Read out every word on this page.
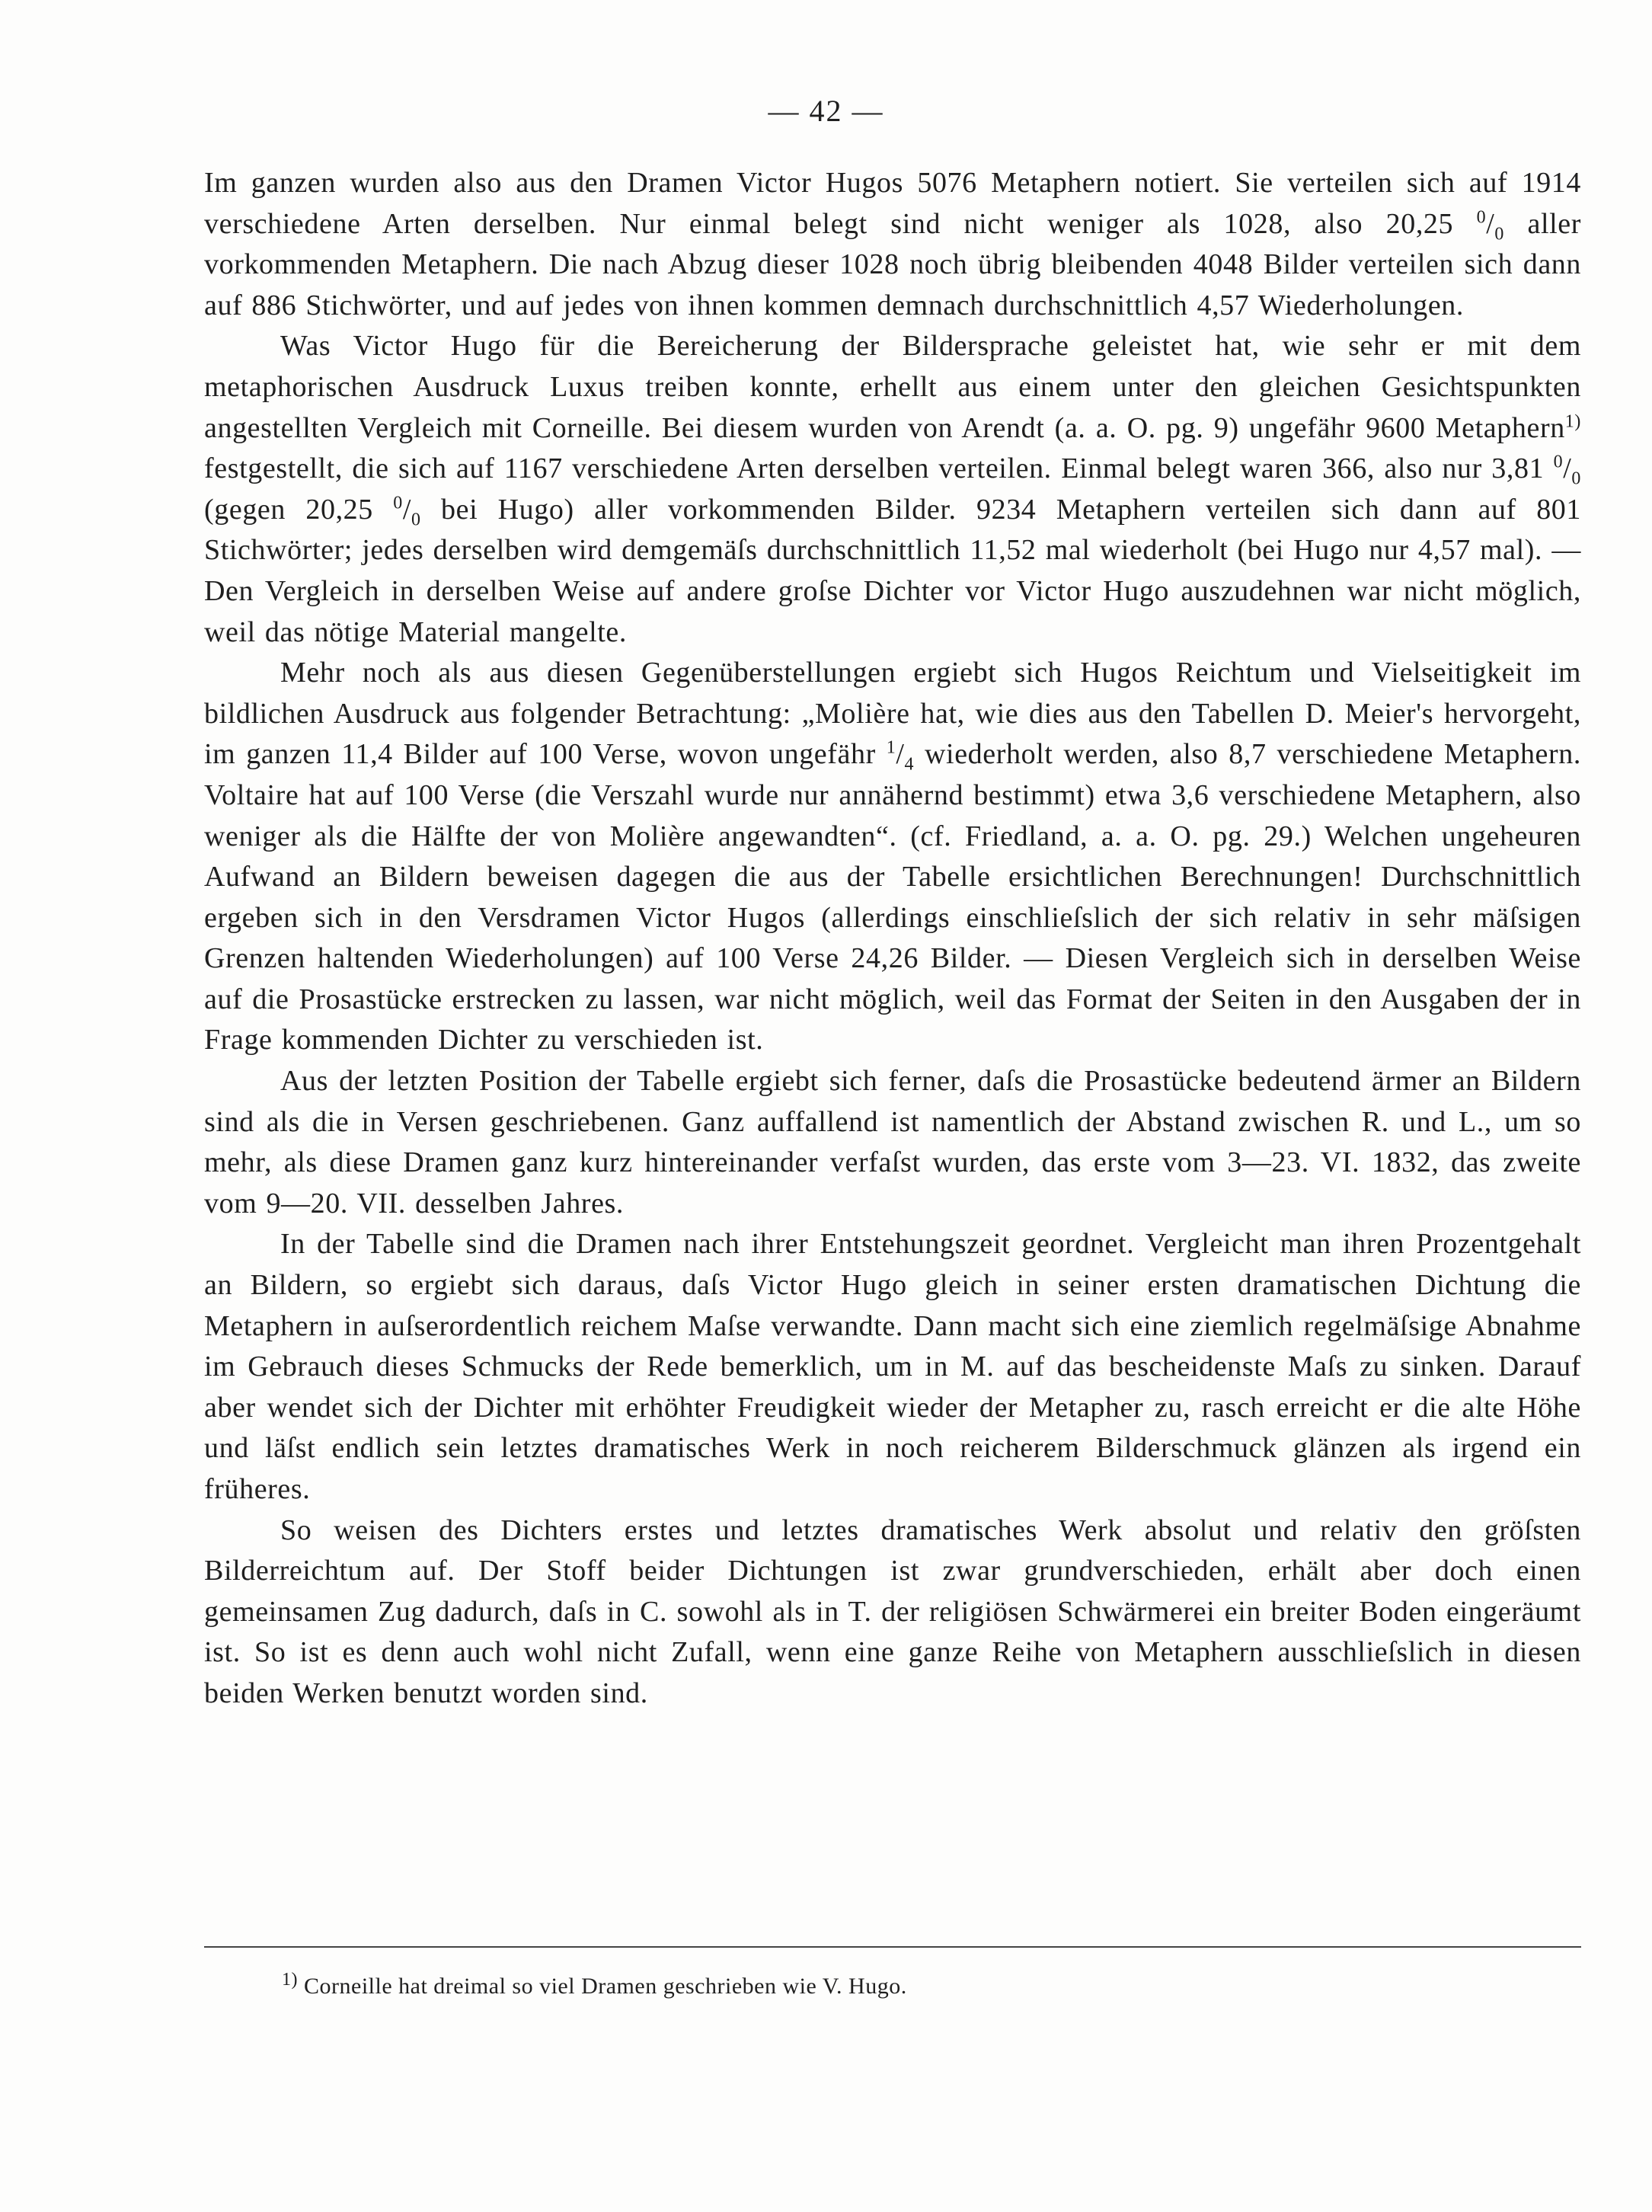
— 42 —

Im ganzen wurden also aus den Dramen Victor Hugos 5076 Metaphern notiert. Sie verteilen sich auf 1914 verschiedene Arten derselben. Nur einmal belegt sind nicht weniger als 1028, also 20,25 $^0/_0$ aller vorkommenden Metaphern. Die nach Abzug dieser 1028 noch übrig bleibenden 4048 Bilder verteilen sich dann auf 886 Stichwörter, und auf jedes von ihnen kommen demnach durchschnittlich 4,57 Wiederholungen.

Was Victor Hugo für die Bereicherung der Bildersprache geleistet hat, wie sehr er mit dem metaphorischen Ausdruck Luxus treiben konnte, erhellt aus einem unter den gleichen Gesichtspunkten angestellten Vergleich mit Corneille. Bei diesem wurden von Arendt (a. a. O. pg. 9) ungefähr 9600 Metaphern$^{1)}$ festgestellt, die sich auf 1167 verschiedene Arten derselben verteilen. Einmal belegt waren 366, also nur 3,81 $^0/_0$ (gegen 20,25 $^0/_0$ bei Hugo) aller vorkommenden Bilder. 9234 Metaphern verteilen sich dann auf 801 Stichwörter; jedes derselben wird demgemäſs durchschnittlich 11,52 mal wiederholt (bei Hugo nur 4,57 mal). — Den Vergleich in derselben Weise auf andere groſse Dichter vor Victor Hugo auszudehnen war nicht möglich, weil das nötige Material mangelte.

Mehr noch als aus diesen Gegenüberstellungen ergiebt sich Hugos Reichtum und Vielseitigkeit im bildlichen Ausdruck aus folgender Betrachtung: „Molière hat, wie dies aus den Tabellen D. Meier's hervorgeht, im ganzen 11,4 Bilder auf 100 Verse, wovon ungefähr $^1/_4$ wiederholt werden, also 8,7 verschiedene Metaphern. Voltaire hat auf 100 Verse (die Verszahl wurde nur annähernd bestimmt) etwa 3,6 verschiedene Metaphern, also weniger als die Hälfte der von Molière angewandten“. (cf. Friedland, a. a. O. pg. 29.) Welchen ungeheuren Aufwand an Bildern beweisen dagegen die aus der Tabelle ersichtlichen Berechnungen! Durchschnittlich ergeben sich in den Versdramen Victor Hugos (allerdings einschlieſslich der sich relativ in sehr mäſsigen Grenzen haltenden Wiederholungen) auf 100 Verse 24,26 Bilder. — Diesen Vergleich sich in derselben Weise auf die Prosastücke erstrecken zu lassen, war nicht möglich, weil das Format der Seiten in den Ausgaben der in Frage kommenden Dichter zu verschieden ist.

Aus der letzten Position der Tabelle ergiebt sich ferner, daſs die Prosastücke bedeutend ärmer an Bildern sind als die in Versen geschriebenen. Ganz auffallend ist namentlich der Abstand zwischen R. und L., um so mehr, als diese Dramen ganz kurz hintereinander verfaſst wurden, das erste vom 3—23. VI. 1832, das zweite vom 9—20. VII. desselben Jahres.

In der Tabelle sind die Dramen nach ihrer Entstehungszeit geordnet. Vergleicht man ihren Prozentgehalt an Bildern, so ergiebt sich daraus, daſs Victor Hugo gleich in seiner ersten dramatischen Dichtung die Metaphern in auſserordentlich reichem Maſse verwandte. Dann macht sich eine ziemlich regelmäſsige Abnahme im Gebrauch dieses Schmucks der Rede bemerklich, um in M. auf das bescheidenste Maſs zu sinken. Darauf aber wendet sich der Dichter mit erhöhter Freudigkeit wieder der Metapher zu, rasch erreicht er die alte Höhe und läſst endlich sein letztes dramatisches Werk in noch reicherem Bilderschmuck glänzen als irgend ein früheres.

So weisen des Dichters erstes und letztes dramatisches Werk absolut und relativ den gröſsten Bilderreichtum auf. Der Stoff beider Dichtungen ist zwar grundverschieden, erhält aber doch einen gemeinsamen Zug dadurch, daſs in C. sowohl als in T. der religiösen Schwärmerei ein breiter Boden eingeräumt ist. So ist es denn auch wohl nicht Zufall, wenn eine ganze Reihe von Metaphern ausschlieſslich in diesen beiden Werken benutzt worden sind.

$^{1)}$ Corneille hat dreimal so viel Dramen geschrieben wie V. Hugo.
